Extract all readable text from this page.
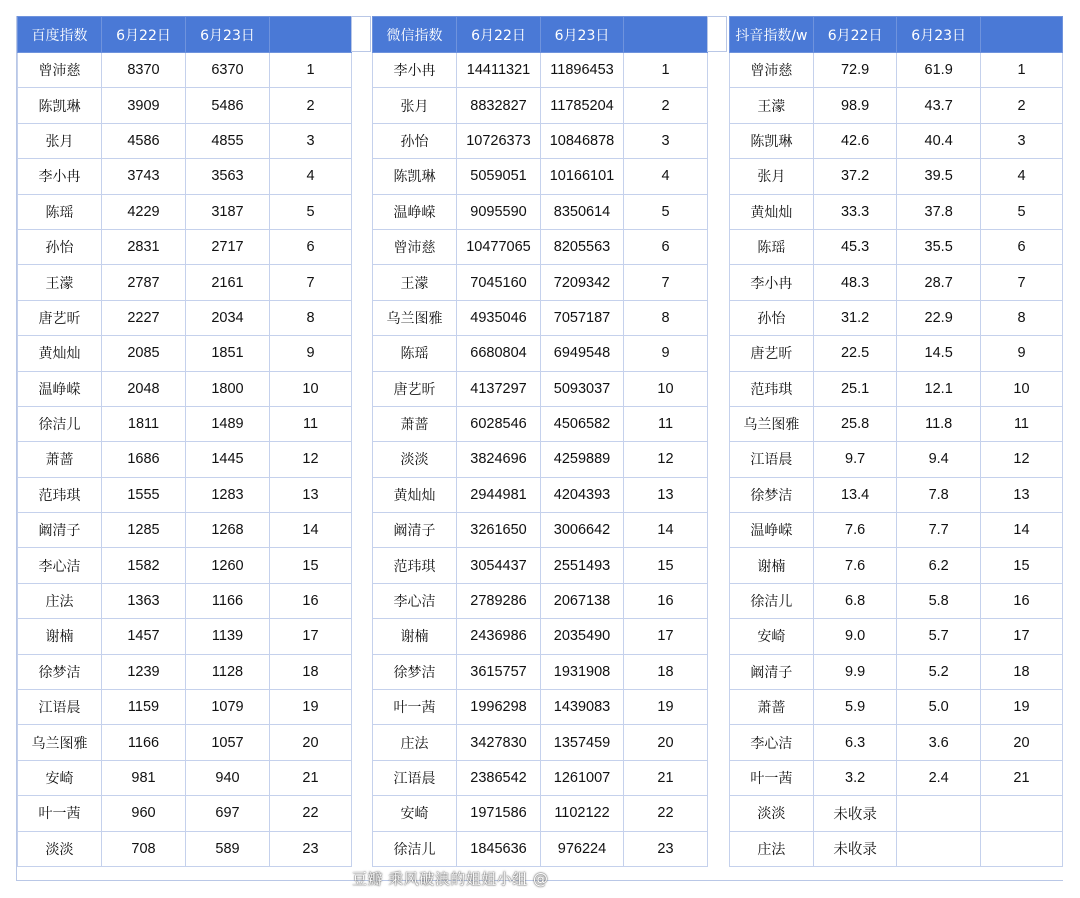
百度指数	6月22日	6月23日	
曾沛慈	8370	6370	1
陈凯琳	3909	5486	2
张月	4586	4855	3
李小冉	3743	3563	4
陈瑶	4229	3187	5
孙怡	2831	2717	6
王濛	2787	2161	7
唐艺昕	2227	2034	8
黄灿灿	2085	1851	9
温峥嵘	2048	1800	10
徐洁儿	1811	1489	11
萧蔷	1686	1445	12
范玮琪	1555	1283	13
阚清子	1285	1268	14
李心洁	1582	1260	15
庄法	1363	1166	16
谢楠	1457	1139	17
徐梦洁	1239	1128	18
江语晨	1159	1079	19
乌兰图雅	1166	1057	20
安崎	981	940	21
叶一茜	960	697	22
淡淡	708	589	23
微信指数	6月22日	6月23日	
李小冉	14411321	11896453	1
张月	8832827	11785204	2
孙怡	10726373	10846878	3
陈凯琳	5059051	10166101	4
温峥嵘	9095590	8350614	5
曾沛慈	10477065	8205563	6
王濛	7045160	7209342	7
乌兰图雅	4935046	7057187	8
陈瑶	6680804	6949548	9
唐艺昕	4137297	5093037	10
萧蔷	6028546	4506582	11
淡淡	3824696	4259889	12
黄灿灿	2944981	4204393	13
阚清子	3261650	3006642	14
范玮琪	3054437	2551493	15
李心洁	2789286	2067138	16
谢楠	2436986	2035490	17
徐梦洁	3615757	1931908	18
叶一茜	1996298	1439083	19
庄法	3427830	1357459	20
江语晨	2386542	1261007	21
安崎	1971586	1102122	22
徐洁儿	1845636	976224	23
抖音指数/w	6月22日	6月23日	
曾沛慈	72.9	61.9	1
王濛	98.9	43.7	2
陈凯琳	42.6	40.4	3
张月	37.2	39.5	4
黄灿灿	33.3	37.8	5
陈瑶	45.3	35.5	6
李小冉	48.3	28.7	7
孙怡	31.2	22.9	8
唐艺昕	22.5	14.5	9
范玮琪	25.1	12.1	10
乌兰图雅	25.8	11.8	11
江语晨	9.7	9.4	12
徐梦洁	13.4	7.8	13
温峥嵘	7.6	7.7	14
谢楠	7.6	6.2	15
徐洁儿	6.8	5.8	16
安崎	9.0	5.7	17
阚清子	9.9	5.2	18
萧蔷	5.9	5.0	19
李心洁	6.3	3.6	20
叶一茜	3.2	2.4	21
淡淡	未收录		
庄法	未收录		
豆瓣 乘风破浪的姐姐小组 @
